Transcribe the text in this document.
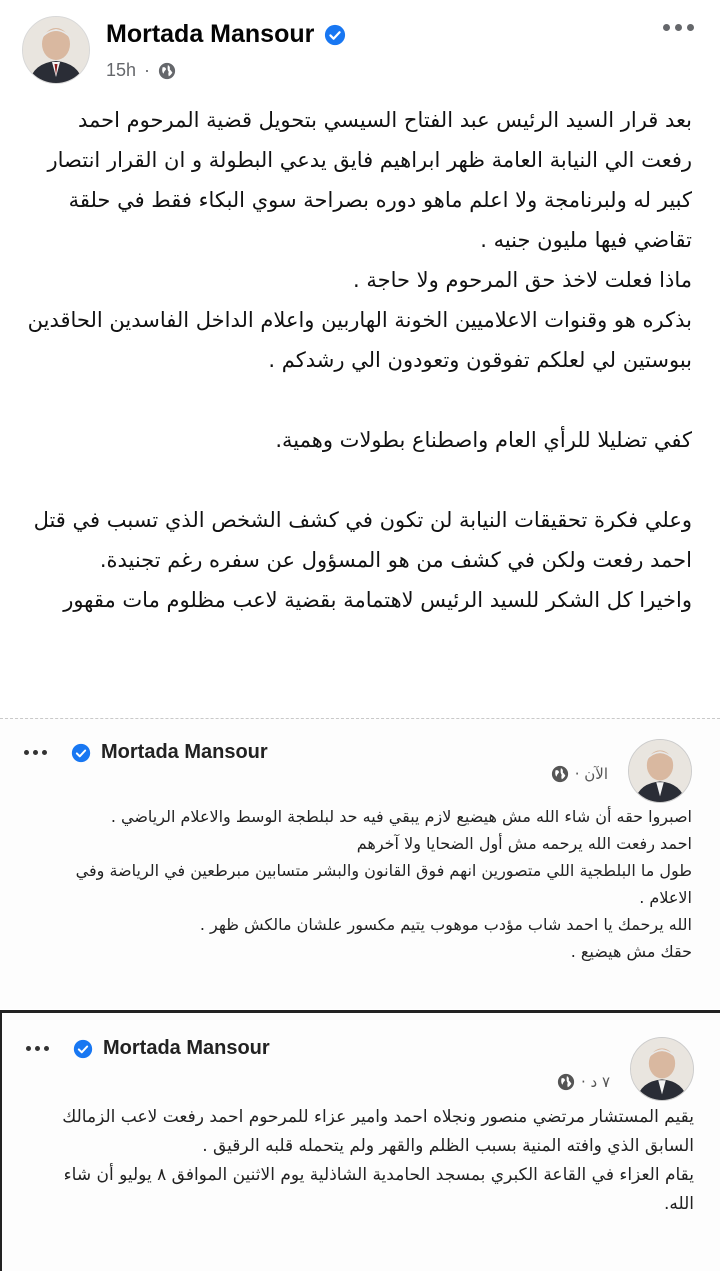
Mortada Mansour
15h ·

بعد قرار السيد الرئيس عبد الفتاح السيسي بتحويل قضية المرحوم احمد رفعت الي النيابة العامة ظهر ابراهيم فايق يدعي البطولة و ان القرار انتصار كبير له ولبرنامجة ولا اعلم ماهو دوره بصراحة سوي البكاء فقط في حلقة تقاضي فيها مليون جنيه .

ماذا فعلت لاخذ حق المرحوم ولا حاجة .

بذكره هو وقنوات الاعلاميين الخونة الهاربين واعلام الداخل الفاسدين الحاقدين ببوستين لي لعلكم تفوقون وتعودون الي رشدكم .

كفي تضليلا للرأي العام واصطناع بطولات وهمية.

وعلي فكرة تحقيقات النيابة لن تكون في كشف الشخص الذي تسبب في قتل احمد رفعت ولكن في كشف من هو المسؤول عن سفره رغم تجنيدة.

واخيرا كل الشكر للسيد الرئيس لاهتمامة بقضية لاعب مظلوم مات مقهور

Mortada Mansour
الآن ·

اصبروا حقه أن شاء الله مش هيضيع لازم يبقي فيه حد لبلطجة الوسط والاعلام الرياضي .

احمد رفعت الله يرحمه مش أول الضحايا ولا آخرهم

طول ما البلطجية اللي متصورين انهم فوق القانون والبشر متسابين مبرطعين في الرياضة وفي الاعلام .

الله يرحمك يا احمد شاب مؤدب موهوب يتيم مكسور علشان مالكش ظهر .

حقك مش هيضيع .

Mortada Mansour
٧ د ·

يقيم المستشار مرتضي منصور ونجلاه احمد وامير عزاء للمرحوم احمد رفعت لاعب الزمالك السابق الذي وافته المنية بسبب الظلم والقهر ولم يتحمله قلبه الرقيق .

يقام العزاء في القاعة الكبري بمسجد الحامدية الشاذلية يوم الاثنين الموافق ٨ يوليو أن شاء الله.
